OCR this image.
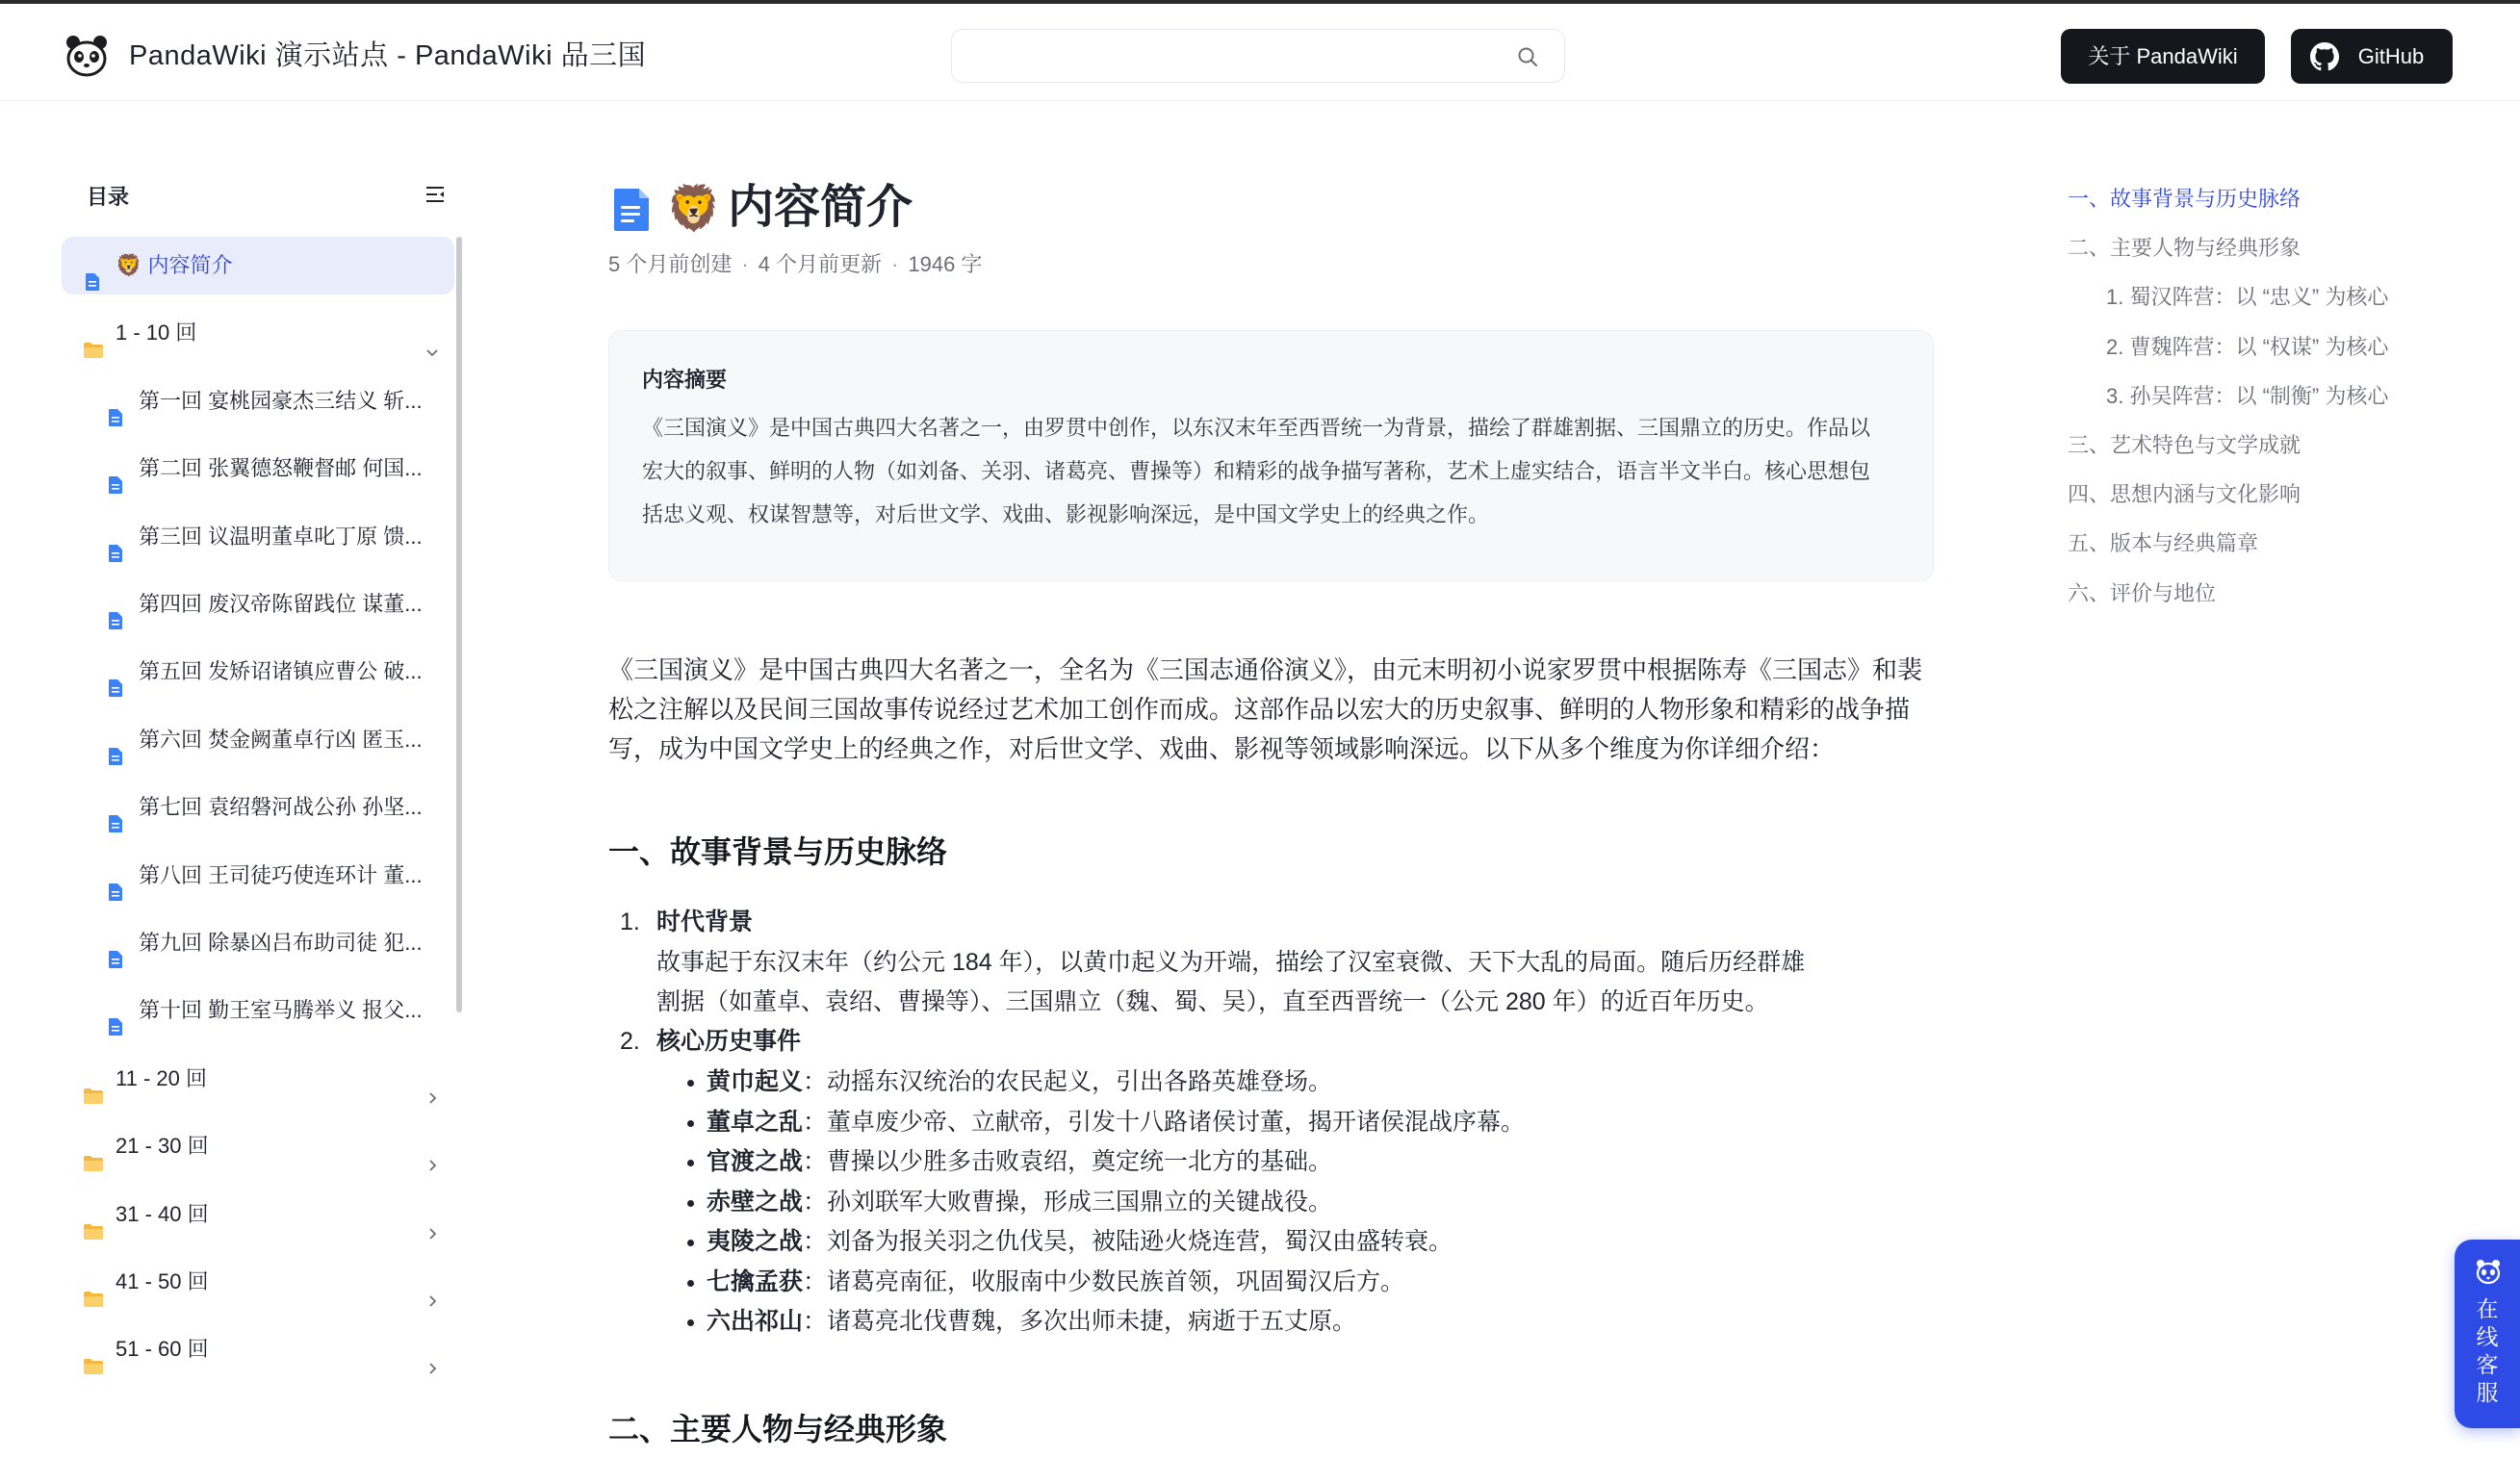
PandaWiki 演示站点 - PandaWiki 品三国	关于 PandaWiki	GitHub
目录
🦁 内容简介
1 - 10 回
第一回 宴桃园豪杰三结义 斩...
第二回 张翼德怒鞭督邮 何国...
第三回 议温明董卓叱丁原 馈...
第四回 废汉帝陈留践位 谋董...
第五回 发矫诏诸镇应曹公 破...
第六回 焚金阙董卓行凶 匿玉...
第七回 袁绍磐河战公孙 孙坚...
第八回 王司徒巧使连环计 董...
第九回 除暴凶吕布助司徒 犯...
第十回 勤王室马腾举义 报父...
11 - 20 回
21 - 30 回
31 - 40 回
41 - 50 回
51 - 60 回
🦁 内容简介
5 个月前创建 · 4 个月前更新 · 1946 字
内容摘要
《三国演义》是中国古典四大名著之一，由罗贯中创作，以东汉末年至西晋统一为背景，描绘了群雄割据、三国鼎立的历史。作品以
宏大的叙事、鲜明的人物（如刘备、关羽、诸葛亮、曹操等）和精彩的战争描写著称，艺术上虚实结合，语言半文半白。核心思想包
括忠义观、权谋智慧等，对后世文学、戏曲、影视影响深远，是中国文学史上的经典之作。
《三国演义》是中国古典四大名著之一，全名为《三国志通俗演义》，由元末明初小说家罗贯中根据陈寿《三国志》和裴
松之注解以及民间三国故事传说经过艺术加工创作而成。这部作品以宏大的历史叙事、鲜明的人物形象和精彩的战争描
写，成为中国文学史上的经典之作，对后世文学、戏曲、影视等领域影响深远。以下从多个维度为你详细介绍：
一、故事背景与历史脉络
1. 时代背景
故事起于东汉末年（约公元 184 年），以黄巾起义为开端，描绘了汉室衰微、天下大乱的局面。随后历经群雄
割据（如董卓、袁绍、曹操等）、三国鼎立（魏、蜀、吴），直至西晋统一（公元 280 年）的近百年历史。
2. 核心历史事件
黄巾起义 ：动摇东汉统治的农民起义，引出各路英雄登场。
董卓之乱 ：董卓废少帝、立献帝，引发十八路诸侯讨董，揭开诸侯混战序幕。
官渡之战 ：曹操以少胜多击败袁绍，奠定统一北方的基础。
赤壁之战 ：孙刘联军大败曹操，形成三国鼎立的关键战役。
夷陵之战 ：刘备为报关羽之仇伐吴，被陆逊火烧连营，蜀汉由盛转衰。
七擒孟获 ：诸葛亮南征，收服南中少数民族首领，巩固蜀汉后方。
六出祁山 ：诸葛亮北伐曹魏，多次出师未捷，病逝于五丈原。
二、主要人物与经典形象
一、故事背景与历史脉络
二、主要人物与经典形象
1. 蜀汉阵营：以 “忠义” 为核心
2. 曹魏阵营：以 “权谋” 为核心
3. 孙吴阵营：以 “制衡” 为核心
三、艺术特色与文学成就
四、思想内涵与文化影响
五、版本与经典篇章
六、评价与地位
在线客服
